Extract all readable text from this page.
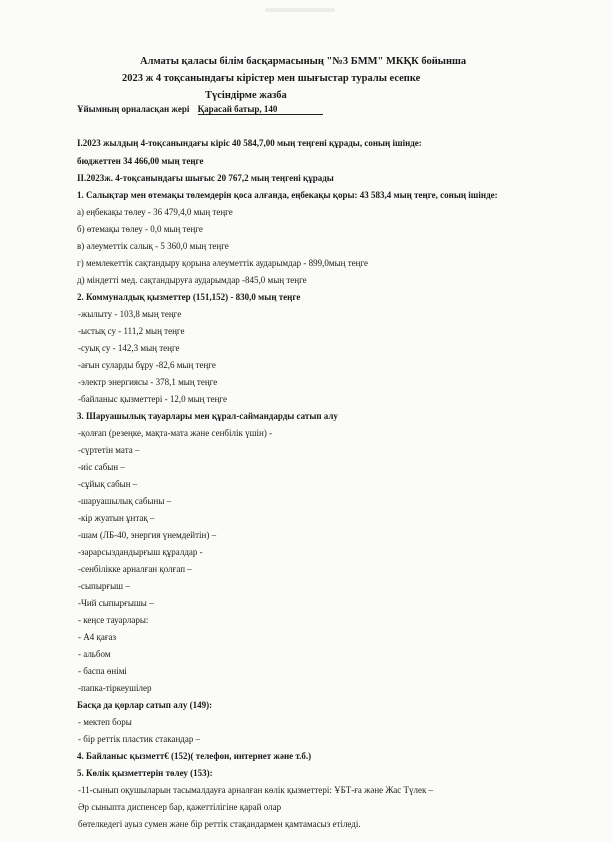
Алматы қаласы білім басқармасының "№3 БММ" МКҚК бойынша
2023 ж 4 тоқсанындағы кірістер мен шығыстар туралы есепке
Түсіндірме жазба
Ұйымның орналасқан жері Қарасай батыр, 140
I.2023 жылдың 4-тоқсанындағы кіріс 40 584,7,00 мың теңгені құрады, соның ішінде:
бюджеттен 34 466,00 мың теңге
II.2023ж. 4-тоқсанындағы шығыс 20 767,2 мың теңгені құрады
1. Салықтар мен өтемақы төлемдерін қоса алғанда, еңбекақы қоры: 43 583,4 мың теңге, соның ішінде:
а) еңбекақы төлеу - 36 479,4,0 мың теңге
б) өтемақы төлеу - 0,0 мың теңге
в) әлеуметтік салық - 5 360,0 мың теңге
г) мемлекеттік сақтандыру қорына әлеуметтік аударымдар - 899,0мың теңге
д) міндетті мед. сақтандыруға аударымдар -845,0 мың теңге
2. Коммуналдық қызметтер (151,152) - 830,0 мың теңге
-жылыту - 103,8 мың теңге
-ыстық су - 111,2 мың теңге
-суық су - 142,3 мың теңге
-ағын суларды бұру -82,6 мың теңге
-электр энергиясы - 378,1 мың теңге
-байланыс қызметтері - 12,0 мың теңге
3. Шаруашылық тауарлары мен құрал-саймандарды сатып алу
-қолғап (резеңке, мақта-мата және сенбілік үшін) -
-сүртетін мата –
-иіс сабын –
-сұйық сабын –
-шаруашылық сабыны –
-кір жуатын ұнтақ –
-шам (ЛБ-40, энергия үнемдейтін) –
-зарарсыздандырғыш құралдар -
-сенбілікке арналған қолғап –
-сыпырғыш –
-Чий сыпырғышы –
- кеңсе тауарлары:
- А4 қағаз
- альбом
- баспа өнімі
-папка-тіркеушілер
Басқа да қорлар сатып алу (149):
- мектеп боры
- бір реттік пластик стакандар –
4. Байланыс қызметт€ (152)( телефон, интернет және т.б.)
5. Көлік қызметтерін төлеу (153):
-11-сынып оқушыларын тасымалдауға арналған көлік қызметтері: ҰБТ-ға және Жас Түлек –
Әр сыныпта диспенсер бар, қажеттілігіне қарай олар
бөтелкедегі ауыз сумен және бір реттік стақандармен қамтамасыз етіледі.
